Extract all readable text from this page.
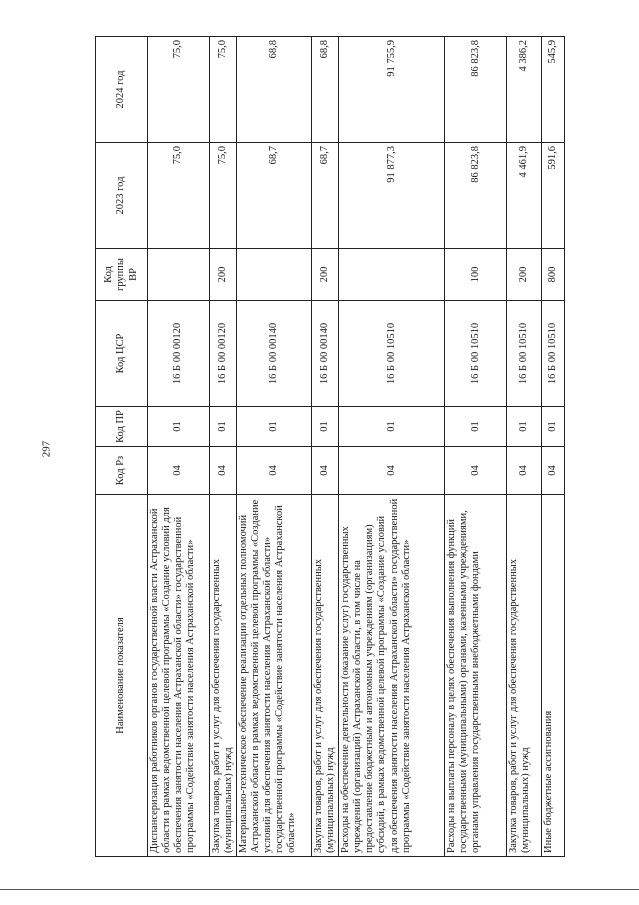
297
Наименование показателя	Код Рз	Код ПР	Код ЦСР	Код группы ВР	2023 год	2024 год
Диспансеризация работников органов государственной власти Астраханской области в рамках ведомственной целевой программы «Создание условий для обеспечения занятости населения Астраханской области» государственной программы «Содействие занятости населения Астраханской области»	04	01	16 Б 00 00120		75,0	75,0
Закупка товаров, работ и услуг для обеспечения государственных (муниципальных) нужд	04	01	16 Б 00 00120	200	75,0	75,0
Материально-техническое обеспечение реализации отдельных полномочий Астраханской области в рамках ведомственной целевой программы «Создание условий для обеспечения занятости населения Астраханской области» государственной программы «Содействие занятости населения Астраханской области»	04	01	16 Б 00 00140		68,7	68,8
Закупка товаров, работ и услуг для обеспечения государственных (муниципальных) нужд	04	01	16 Б 00 00140	200	68,7	68,8
Расходы на обеспечение деятельности (оказание услуг) государственных учреждений (организаций) Астраханской области, в том числе на предоставление бюджетным и автономным учреждениям (организациям) субсидий, в рамках ведомственной целевой программы «Создание условий для обеспечения занятости населения Астраханской области» государственной программы «Содействие занятости населения Астраханской области»	04	01	16 Б 00 10510		91 877,3	91 755,9
Расходы на выплаты персоналу в целях обеспечения выполнения функций государственными (муниципальными) органами, казенными учреждениями, органами управления государственными внебюджетными фондами	04	01	16 Б 00 10510	100	86 823,8	86 823,8
Закупка товаров, работ и услуг для обеспечения государственных (муниципальных) нужд	04	01	16 Б 00 10510	200	4 461,9	4 386,2
Иные бюджетные ассигнования	04	01	16 Б 00 10510	800	591,6	545,9
